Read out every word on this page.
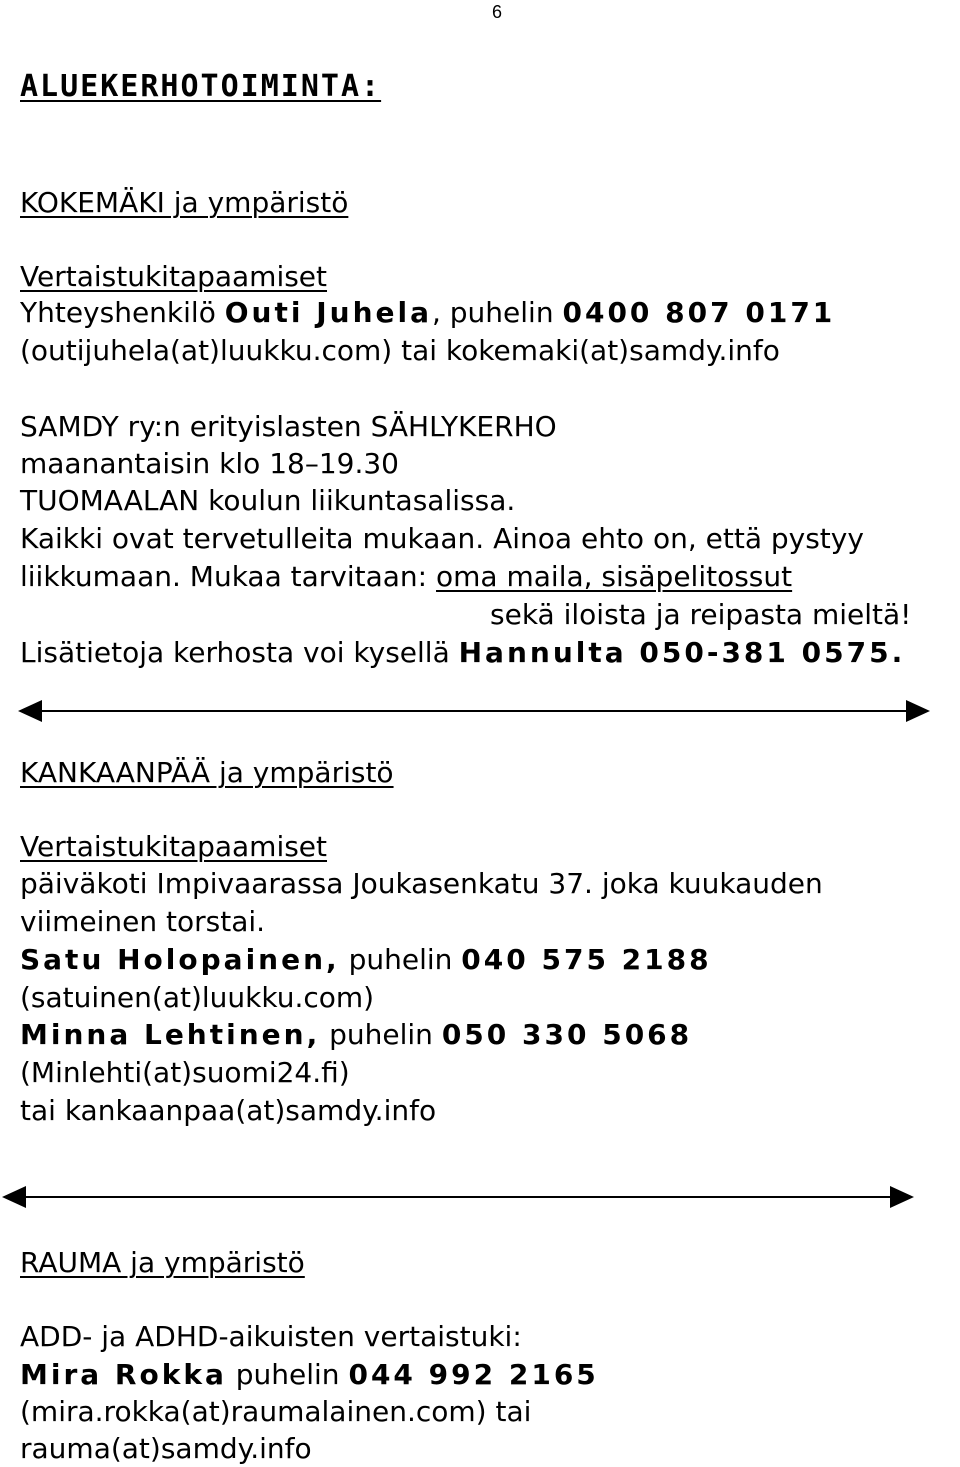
6
ALUEKERHOTOIMINTA:
KOKEMÄKI ja ympäristö
Vertaistukitapaamiset
Yhteyshenkilö Outi Juhela, puhelin 0400 807 0171
(outijuhela(at)luukku.com) tai kokemaki(at)samdy.info
SAMDY ry:n erityislasten SÄHLYKERHO
maanantaisin klo 18–19.30
TUOMAALAN koulun liikuntasalissa.
Kaikki ovat tervetulleita mukaan. Ainoa ehto on, että pystyy
liikkumaan. Mukaa tarvitaan: oma maila, sisäpelitossut
sekä iloista ja reipasta mieltä!
Lisätietoja kerhosta voi kysellä Hannulta 050-381 0575.
KANKAANPÄÄ ja ympäristö
Vertaistukitapaamiset
päiväkoti Impivaarassa Joukasenkatu 37. joka kuukauden
viimeinen torstai.
Satu Holopainen, puhelin 040 575 2188
(satuinen(at)luukku.com)
Minna Lehtinen, puhelin 050 330 5068
(Minlehti(at)suomi24.fi)
tai kankaanpaa(at)samdy.info
RAUMA ja ympäristö
ADD- ja ADHD-aikuisten vertaistuki:
Mira Rokka puhelin 044 992 2165
(mira.rokka(at)raumalainen.com) tai
rauma(at)samdy.info
